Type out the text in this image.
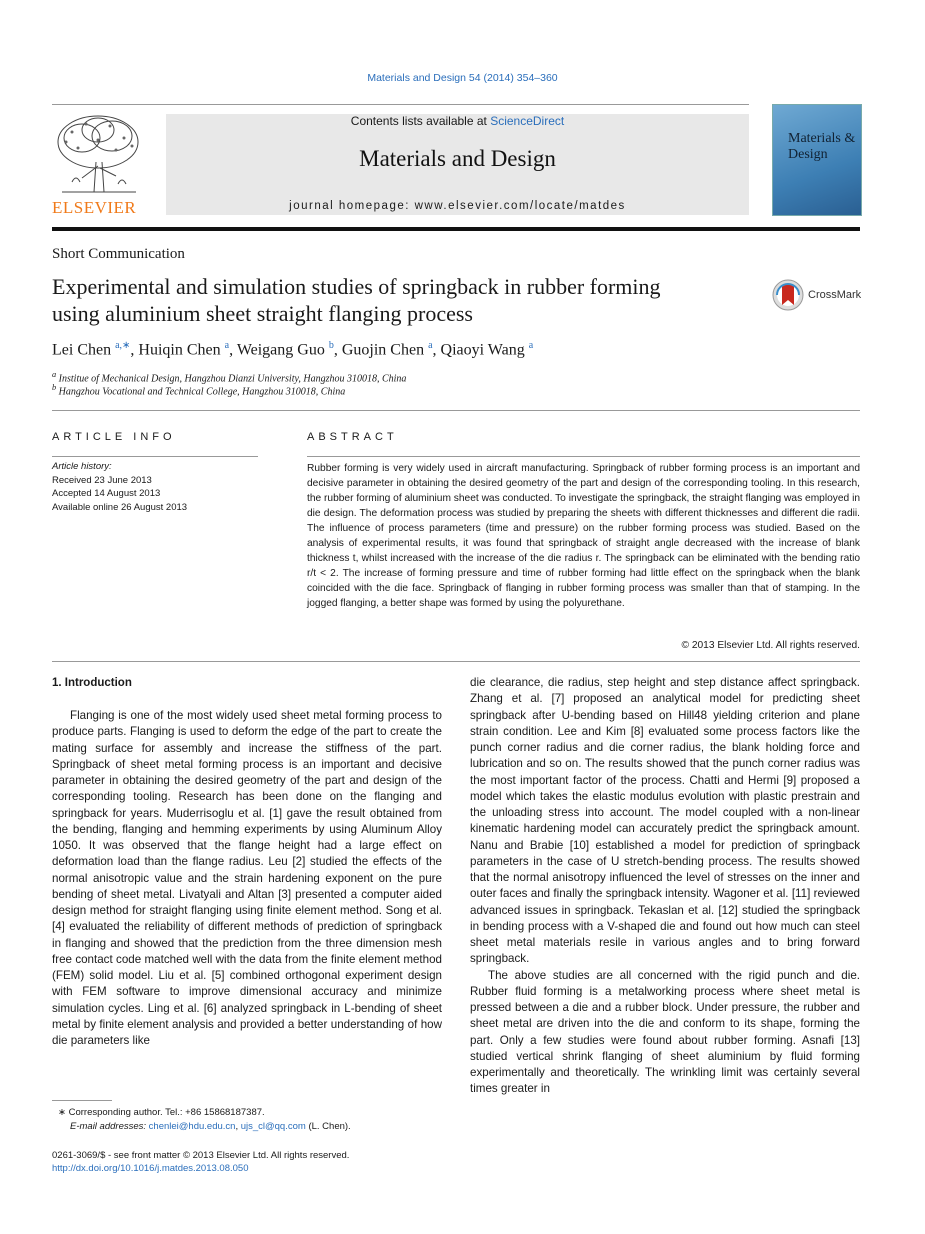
Materials and Design 54 (2014) 354–360
ELSEVIER
Contents lists available at ScienceDirect
Materials and Design
journal homepage: www.elsevier.com/locate/matdes
Materials & Design
Short Communication
Experimental and simulation studies of springback in rubber forming
using aluminium sheet straight flanging process
CrossMark
Lei Chen $^{a,∗}$, Huiqin Chen $^a$, Weigang Guo $^b$, Guojin Chen $^a$, Qiaoyi Wang $^a$
$^a$ Institue of Mechanical Design, Hangzhou Dianzi University, Hangzhou 310018, China
$^b$ Hangzhou Vocational and Technical College, Hangzhou 310018, China
ARTICLE INFO
Article history:
Received 23 June 2013
Accepted 14 August 2013
Available online 26 August 2013
ABSTRACT
Rubber forming is very widely used in aircraft manufacturing. Springback of rubber forming process is an important and decisive parameter in obtaining the desired geometry of the part and design of the corresponding tooling. In this research, the rubber forming of aluminium sheet was conducted. To investigate the springback, the straight flanging was employed in die design. The deformation process was studied by preparing the sheets with different thicknesses and different die radii. The influence of process parameters (time and pressure) on the rubber forming process was studied. Based on the analysis of experimental results, it was found that springback of straight angle decreased with the increase of blank thickness t, whilst increased with the increase of the die radius r. The springback can be eliminated with the bending ratio r/t < 2. The increase of forming pressure and time of rubber forming had little effect on the springback when the blank coincided with the die face. Springback of flanging in rubber forming process was smaller than that of stamping. In the jogged flanging, a better shape was formed by using the polyurethane.
© 2013 Elsevier Ltd. All rights reserved.
1. Introduction

Flanging is one of the most widely used sheet metal forming process to produce parts. Flanging is used to deform the edge of the part to create the mating surface for assembly and increase the stiffness of the part. Springback of sheet metal forming process is an important and decisive parameter in obtaining the desired geometry of the part and design of the corresponding tooling. Research has been done on the flanging and springback for years. Muderrisoglu et al. [1] gave the result obtained from the bending, flanging and hemming experiments by using Aluminum Alloy 1050. It was observed that the flange height had a large effect on deformation load than the flange radius. Leu [2] studied the effects of the normal anisotropic value and the strain hardening exponent on the pure bending of sheet metal. Livatyali and Altan [3] presented a computer aided design method for straight flanging using finite element method. Song et al. [4] evaluated the reliability of different methods of prediction of springback in flanging and showed that the prediction from the three dimension mesh free contact code matched well with the data from the finite element method (FEM) solid model. Liu et al. [5] combined orthogonal experiment design with FEM software to improve dimensional accuracy and minimize simulation cycles. Ling et al. [6] analyzed springback in L-bending of sheet metal by finite element analysis and provided a better understanding of how die parameters like

die clearance, die radius, step height and step distance affect springback. Zhang et al. [7] proposed an analytical model for predicting sheet springback after U-bending based on Hill48 yielding criterion and plane strain condition. Lee and Kim [8] evaluated some process factors like the punch corner radius and die corner radius, the blank holding force and lubrication and so on. The results showed that the punch corner radius was the most important factor of the process. Chatti and Hermi [9] proposed a model which takes the elastic modulus evolution with plastic prestrain and the unloading stress into account. The model coupled with a non-linear kinematic hardening model can accurately predict the springback amount. Nanu and Brabie [10] established a model for prediction of springback parameters in the case of U stretch-bending process. The results showed that the normal anisotropy influenced the level of stresses on the inner and outer faces and finally the springback intensity. Wagoner et al. [11] reviewed advanced issues in springback. Tekaslan et al. [12] studied the springback in bending process with a V-shaped die and found out how much can steel sheet metal materials resile in various angles and to bring forward springback.

The above studies are all concerned with the rigid punch and die. Rubber fluid forming is a metalworking process where sheet metal is pressed between a die and a rubber block. Under pressure, the rubber and sheet metal are driven into the die and conform to its shape, forming the part. Only a few studies were found about rubber forming. Asnafi [13] studied vertical shrink flanging of sheet aluminium by fluid forming experimentally and theoretically. The wrinkling limit was certainly several times greater in

∗ Corresponding author. Tel.: +86 15868187387.
E-mail addresses: chenlei@hdu.edu.cn, ujs_cl@qq.com (L. Chen).
0261-3069/$ - see front matter © 2013 Elsevier Ltd. All rights reserved.
http://dx.doi.org/10.1016/j.matdes.2013.08.050
